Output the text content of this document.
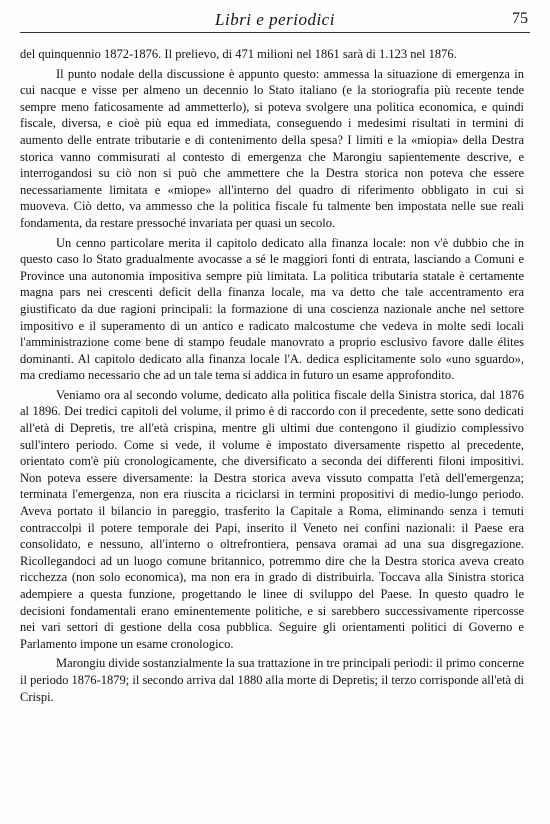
Libri e periodici	75

del quinquennio 1872-1876. Il prelievo, di 471 milioni nel 1861 sarà di 1.123 nel 1876.

Il punto nodale della discussione è appunto questo: ammessa la situazione di emergenza in cui nacque e visse per almeno un decennio lo Stato italiano (e la storiografia più recente tende sempre meno faticosamente ad ammetterlo), si poteva svolgere una politica economica, e quindi fiscale, diversa, e cioè più equa ed immediata, conseguendo i medesimi risultati in termini di aumento delle entrate tributarie e di contenimento della spesa? I limiti e la «miopia» della Destra storica vanno commisurati al contesto di emergenza che Marongiu sapientemente descrive, e interrogandosi su ciò non si può che ammettere che la Destra storica non poteva che essere necessariamente limitata e «miope» all'interno del quadro di riferimento obbligato in cui si muoveva. Ciò detto, va ammesso che la politica fiscale fu talmente ben impostata nelle sue reali fondamenta, da restare pressoché invariata per quasi un secolo.

Un cenno particolare merita il capitolo dedicato alla finanza locale: non v'è dubbio che in questo caso lo Stato gradualmente avocasse a sé le maggiori fonti di entrata, lasciando a Comuni e Province una autonomia impositiva sempre più limitata. La politica tributaria statale è certamente magna pars nei crescenti deficit della finanza locale, ma va detto che tale accentramento era giustificato da due ragioni principali: la formazione di una coscienza nazionale anche nel settore impositivo e il superamento di un antico e radicato malcostume che vedeva in molte sedi locali l'amministrazione come bene di stampo feudale manovrato a proprio esclusivo favore dalle élites dominanti. Al capitolo dedicato alla finanza locale l'A. dedica esplicitamente solo «uno sguardo», ma crediamo necessario che ad un tale tema si addica in futuro un esame approfondito.

Veniamo ora al secondo volume, dedicato alla politica fiscale della Sinistra storica, dal 1876 al 1896. Dei tredici capitoli del volume, il primo è di raccordo con il precedente, sette sono dedicati all'età di Depretis, tre all'età crispina, mentre gli ultimi due contengono il giudizio complessivo sull'intero periodo. Come si vede, il volume è impostato diversamente rispetto al precedente, orientato com'è più cronologicamente, che diversificato a seconda dei differenti filoni impositivi. Non poteva essere diversamente: la Destra storica aveva vissuto compatta l'età dell'emergenza; terminata l'emergenza, non era riuscita a riciclarsi in termini propositivi di medio-lungo periodo. Aveva portato il bilancio in pareggio, trasferito la Capitale a Roma, eliminando senza i temuti contraccolpi il potere temporale dei Papi, inserito il Veneto nei confini nazionali: il Paese era consolidato, e nessuno, all'interno o oltrefrontiera, pensava oramai ad una sua disgregazione. Ricollegandoci ad un luogo comune britannico, potremmo dire che la Destra storica aveva creato ricchezza (non solo economica), ma non era in grado di distribuirla. Toccava alla Sinistra storica adempiere a questa funzione, progettando le linee di sviluppo del Paese. In questo quadro le decisioni fondamentali erano eminentemente politiche, e si sarebbero successivamente ripercosse nei vari settori di gestione della cosa pubblica. Seguire gli orientamenti politici di Governo e Parlamento impone un esame cronologico.

Marongiu divide sostanzialmente la sua trattazione in tre principali periodi: il primo concerne il periodo 1876-1879; il secondo arriva dal 1880 alla morte di Depretis; il terzo corrisponde all'età di Crispi.
